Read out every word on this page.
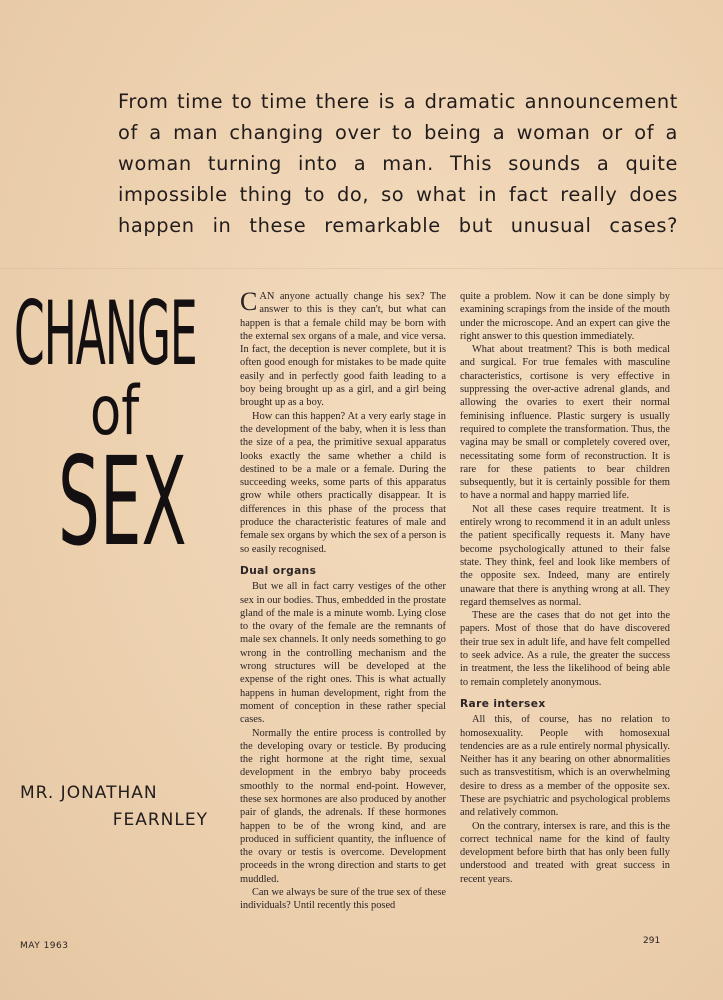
From time to time there is a dramatic announcement
of a man changing over to being a woman or of a
woman turning into a man. This sounds a quite
impossible thing to do, so what in fact really does
happen in these remarkable but unusual cases?
CHANGE
of
SEX
MR. JONATHAN
FEARNLEY

CAN anyone actually change his sex? The answer to this is they can't, but what can happen is that a female child may be born with the external sex organs of a male, and vice versa. In fact, the deception is never complete, but it is often good enough for mistakes to be made quite easily and in perfectly good faith leading to a boy being brought up as a girl, and a girl being brought up as a boy.

How can this happen? At a very early stage in the development of the baby, when it is less than the size of a pea, the primitive sexual apparatus looks exactly the same whether a child is destined to be a male or a female. During the succeeding weeks, some parts of this apparatus grow while others practically disappear. It is differences in this phase of the process that produce the characteristic features of male and female sex organs by which the sex of a person is so easily recognised.

Dual organs

But we all in fact carry vestiges of the other sex in our bodies. Thus, embedded in the prostate gland of the male is a minute womb. Lying close to the ovary of the female are the remnants of male sex channels. It only needs something to go wrong in the controlling mechanism and the wrong structures will be developed at the expense of the right ones. This is what actually happens in human development, right from the moment of conception in these rather special cases.

Normally the entire process is controlled by the developing ovary or testicle. By producing the right hormone at the right time, sexual development in the embryo baby proceeds smoothly to the normal end-point. However, these sex hormones are also produced by another pair of glands, the adrenals. If these hormones happen to be of the wrong kind, and are produced in sufficient quantity, the influence of the ovary or testis is overcome. Development proceeds in the wrong direction and starts to get muddled.

Can we always be sure of the true sex of these individuals? Until recently this posed

quite a problem. Now it can be done simply by examining scrapings from the inside of the mouth under the microscope. And an expert can give the right answer to this question immediately.

What about treatment? This is both medical and surgical. For true females with masculine characteristics, cortisone is very effective in suppressing the over-active adrenal glands, and allowing the ovaries to exert their normal feminising influence. Plastic surgery is usually required to complete the transformation. Thus, the vagina may be small or completely covered over, necessitating some form of reconstruction. It is rare for these patients to bear children subsequently, but it is certainly possible for them to have a normal and happy married life.

Not all these cases require treatment. It is entirely wrong to recommend it in an adult unless the patient specifically requests it. Many have become psychologically attuned to their false state. They think, feel and look like members of the opposite sex. Indeed, many are entirely unaware that there is anything wrong at all. They regard themselves as normal.

These are the cases that do not get into the papers. Most of those that do have discovered their true sex in adult life, and have felt compelled to seek advice. As a rule, the greater the success in treatment, the less the likelihood of being able to remain completely anonymous.

Rare intersex

All this, of course, has no relation to homosexuality. People with homosexual tendencies are as a rule entirely normal physically. Neither has it any bearing on other abnormalities such as transvestitism, which is an overwhelming desire to dress as a member of the opposite sex. These are psychiatric and psychological problems and relatively common.

On the contrary, intersex is rare, and this is the correct technical name for the kind of faulty development before birth that has only been fully understood and treated with great success in recent years.

MAY 1963	291
